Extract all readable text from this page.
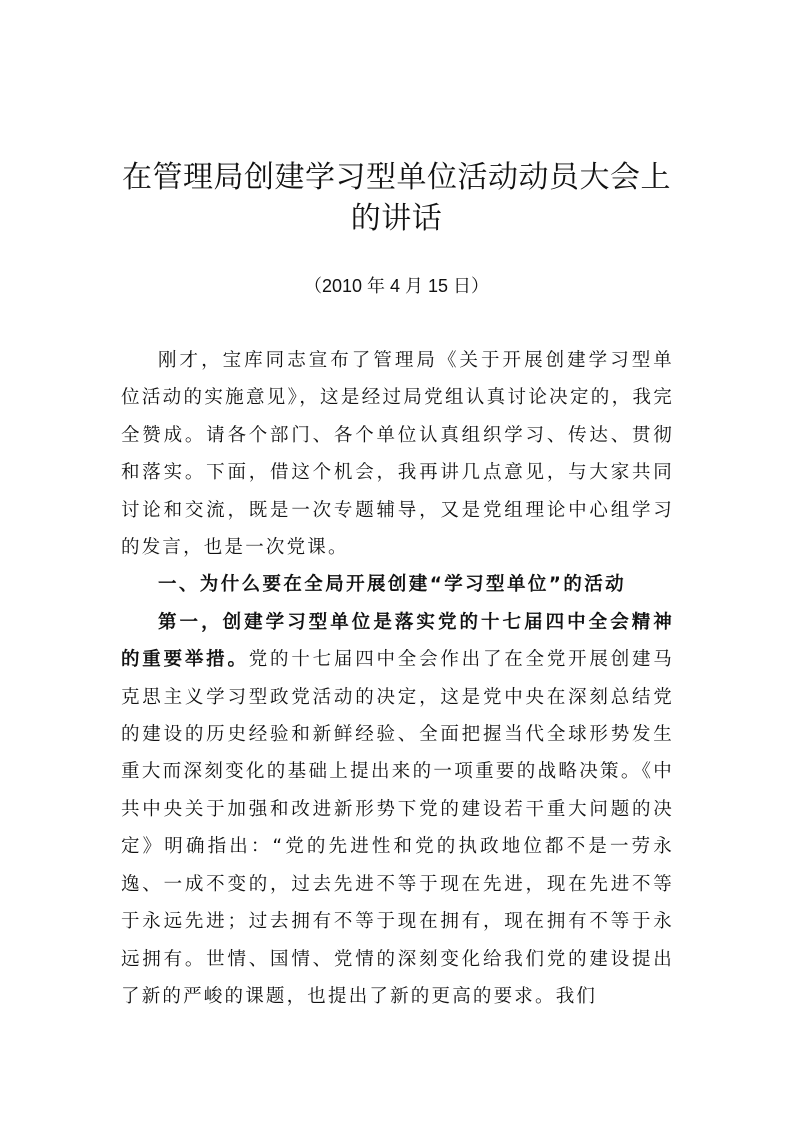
在管理局创建学习型单位活动动员大会上
的讲话
（2010 年 4 月 15 日）

刚才，宝库同志宣布了管理局《关于开展创建学习型单位活动的实施意见》，这是经过局党组认真讨论决定的，我完全赞成。请各个部门、各个单位认真组织学习、传达、贯彻和落实。下面，借这个机会，我再讲几点意见，与大家共同讨论和交流，既是一次专题辅导，又是党组理论中心组学习的发言，也是一次党课。

一、为什么要在全局开展创建“学习型单位”的活动

第一，创建学习型单位是落实党的十七届四中全会精神的重要举措。党的十七届四中全会作出了在全党开展创建马克思主义学习型政党活动的决定，这是党中央在深刻总结党的建设的历史经验和新鲜经验、全面把握当代全球形势发生重大而深刻变化的基础上提出来的一项重要的战略决策。《中共中央关于加强和改进新形势下党的建设若干重大问题的决定》明确指出：“党的先进性和党的执政地位都不是一劳永逸、一成不变的，过去先进不等于现在先进，现在先进不等于永远先进；过去拥有不等于现在拥有，现在拥有不等于永远拥有。世情、国情、党情的深刻变化给我们党的建设提出了新的严峻的课题，也提出了新的更高的要求。我们
